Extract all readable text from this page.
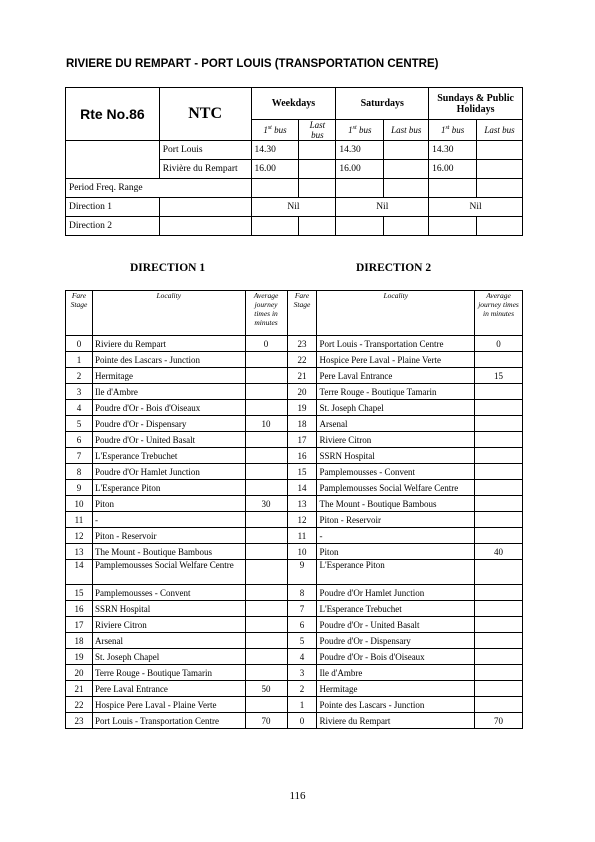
RIVIERE DU REMPART - PORT LOUIS (TRANSPORTATION CENTRE)
Rte No.86	NTC	Weekdays		Saturdays		Sundays & Public Holidays	
		1st bus	Last bus	1st bus	Last bus	1st bus	Last bus
	Port Louis	14.30		14.30		14.30	
	Rivière du Rempart	16.00		16.00		16.00	
Period Freq. Range							
Direction 1		Nil		Nil		Nil	
Direction 2							
DIRECTION 1	DIRECTION 2
Fare Stage	Locality	Average journey times in minutes	Fare Stage	Locality	Average journey times in minutes
0	Riviere du Rempart	0	23	Port Louis - Transportation Centre	0
1	Pointe des Lascars - Junction		22	Hospice Pere Laval - Plaine Verte	
2	Hermitage		21	Pere Laval Entrance	15
3	Ile d'Ambre		20	Terre Rouge - Boutique Tamarin	
4	Poudre d'Or - Bois d'Oiseaux		19	St. Joseph Chapel	
5	Poudre d'Or - Dispensary	10	18	Arsenal	
6	Poudre d'Or - United Basalt		17	Riviere Citron	
7	L'Esperance Trebuchet		16	SSRN Hospital	
8	Poudre d'Or Hamlet Junction		15	Pamplemousses - Convent	
9	L'Esperance Piton		14	Pamplemousses Social Welfare Centre	
10	Piton	30	13	The Mount - Boutique Bambous	
11	-		12	Piton - Reservoir	
12	Piton - Reservoir		11	-	
13	The Mount - Boutique Bambous		10	Piton	40
14	Pamplemousses Social Welfare Centre		9	L'Esperance Piton	
15	Pamplemousses - Convent		8	Poudre d'Or Hamlet Junction	
16	SSRN Hospital		7	L'Esperance Trebuchet	
17	Riviere Citron		6	Poudre d'Or - United Basalt	
18	Arsenal		5	Poudre d'Or - Dispensary	
19	St. Joseph Chapel		4	Poudre d'Or - Bois d'Oiseaux	
20	Terre Rouge - Boutique Tamarin		3	Ile d'Ambre	
21	Pere Laval Entrance	50	2	Hermitage	
22	Hospice Pere Laval - Plaine Verte		1	Pointe des Lascars - Junction	
23	Port Louis - Transportation Centre	70	0	Riviere du Rempart	70
116
